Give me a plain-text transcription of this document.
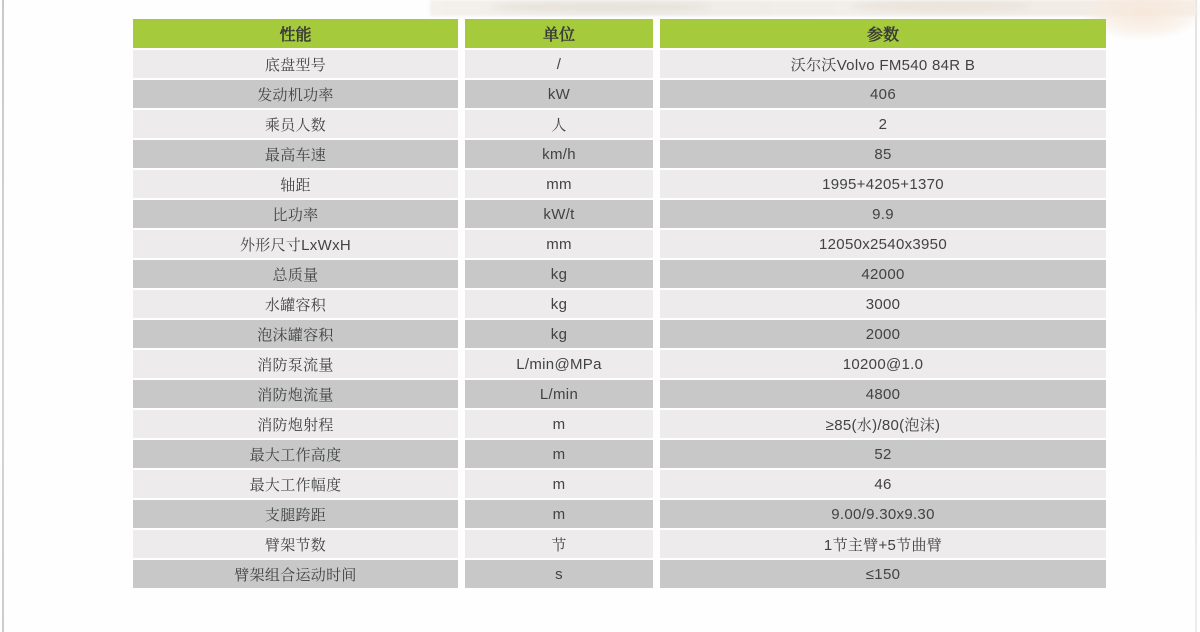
性能	单位	参数
底盘型号	/	沃尔沃Volvo FM540 84R B
发动机功率	kW	406
乘员人数	人	2
最高车速	km/h	85
轴距	mm	1995+4205+1370
比功率	kW/t	9.9
外形尺寸LxWxH	mm	12050x2540x3950
总质量	kg	42000
水罐容积	kg	3000
泡沫罐容积	kg	2000
消防泵流量	L/min@MPa	10200@1.0
消防炮流量	L/min	4800
消防炮射程	m	≥85(水)/80(泡沫)
最大工作高度	m	52
最大工作幅度	m	46
支腿跨距	m	9.00/9.30x9.30
臂架节数	节	1节主臂+5节曲臂
臂架组合运动时间	s	≤150
